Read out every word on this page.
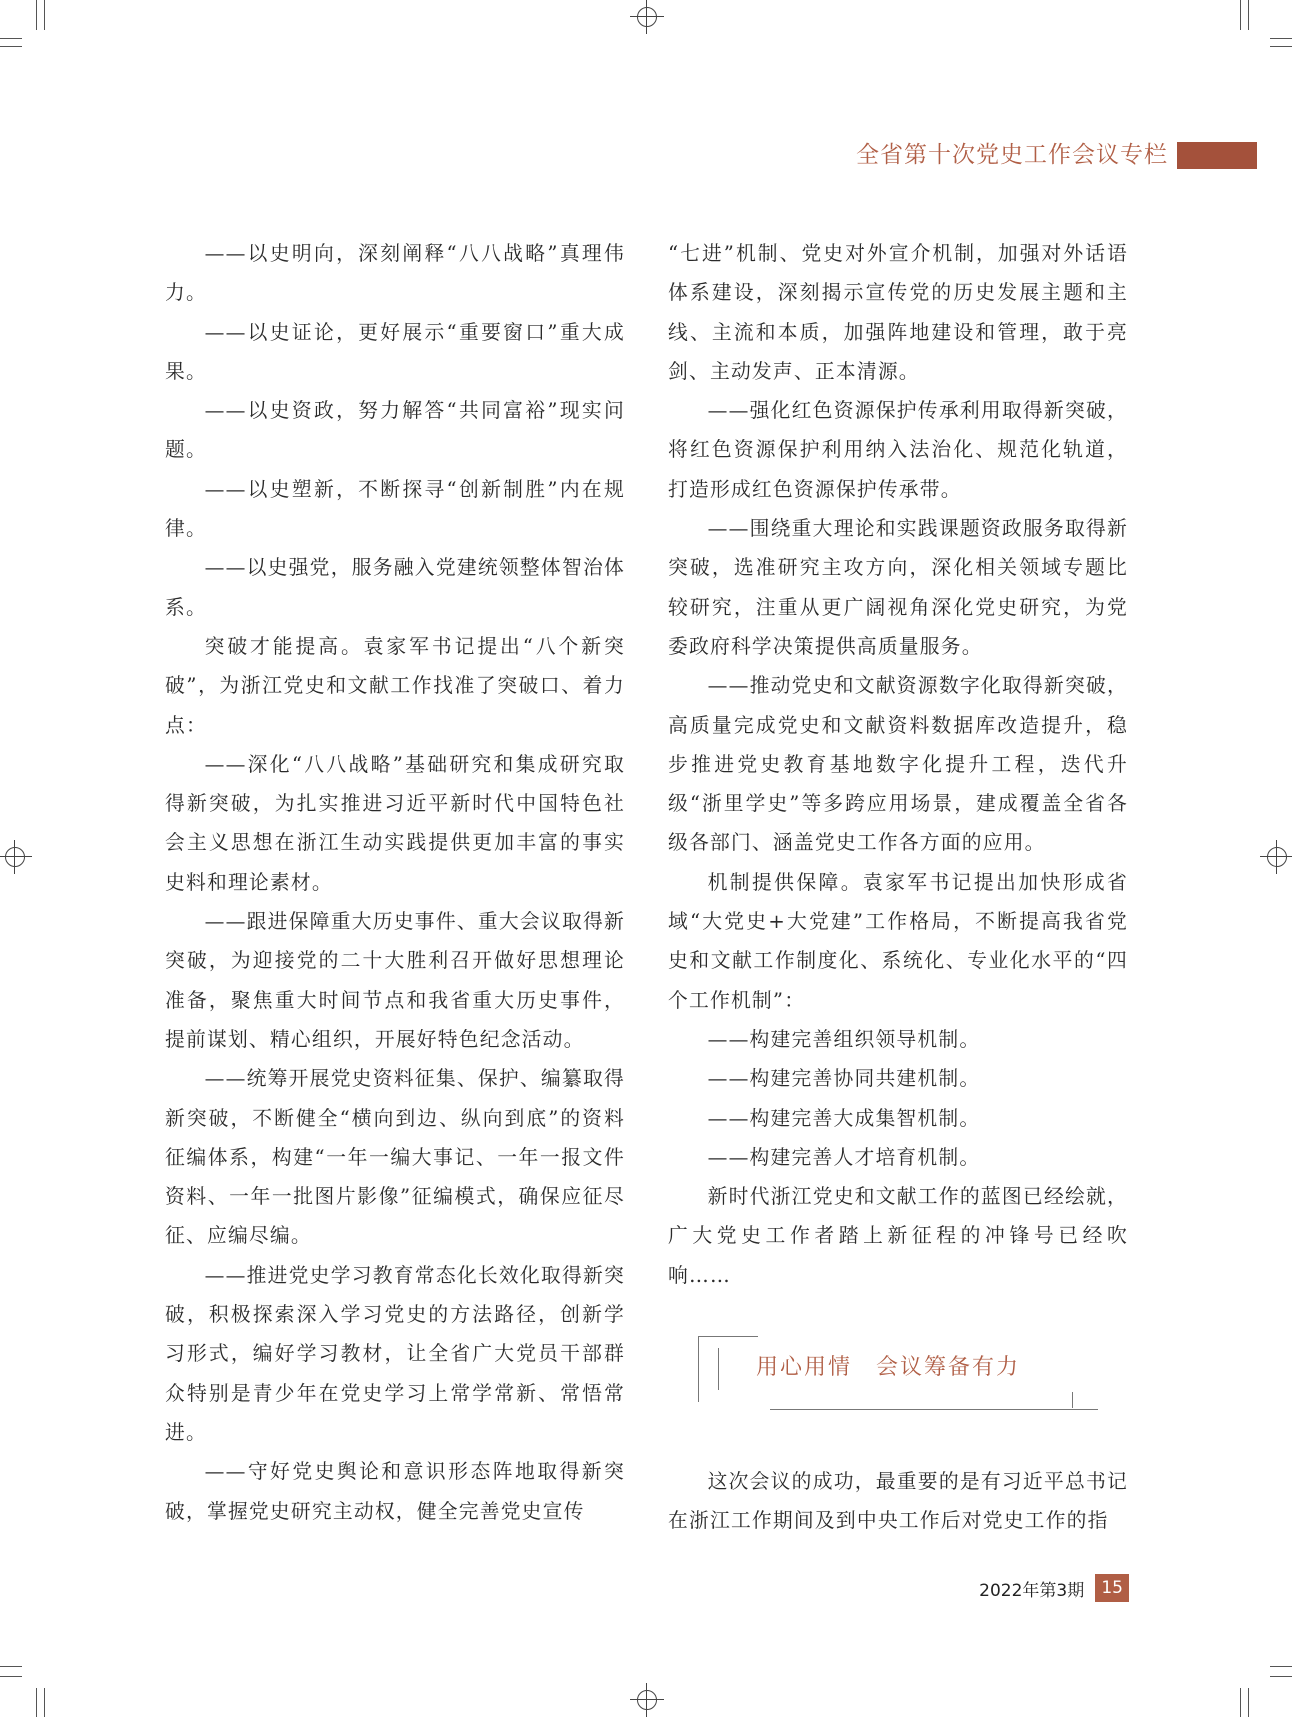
全省第十次党史工作会议专栏

——以史明向，深刻阐释“八八战略”真理伟力。

——以史证论，更好展示“重要窗口”重大成果。

——以史资政，努力解答“共同富裕”现实问题。

——以史塑新，不断探寻“创新制胜”内在规律。

——以史强党，服务融入党建统领整体智治体系。

突破才能提高。袁家军书记提出“八个新突破”，为浙江党史和文献工作找准了突破口、着力点：

——深化“八八战略”基础研究和集成研究取得新突破，为扎实推进习近平新时代中国特色社会主义思想在浙江生动实践提供更加丰富的事实史料和理论素材。

——跟进保障重大历史事件、重大会议取得新突破，为迎接党的二十大胜利召开做好思想理论准备，聚焦重大时间节点和我省重大历史事件，提前谋划、精心组织，开展好特色纪念活动。

——统筹开展党史资料征集、保护、编纂取得新突破，不断健全“横向到边、纵向到底”的资料征编体系，构建“一年一编大事记、一年一报文件资料、一年一批图片影像”征编模式，确保应征尽征、应编尽编。

——推进党史学习教育常态化长效化取得新突破，积极探索深入学习党史的方法路径，创新学习形式，编好学习教材，让全省广大党员干部群众特别是青少年在党史学习上常学常新、常悟常进。

——守好党史舆论和意识形态阵地取得新突破，掌握党史研究主动权，健全完善党史宣传

“七进”机制、党史对外宣介机制，加强对外话语体系建设，深刻揭示宣传党的历史发展主题和主线、主流和本质，加强阵地建设和管理，敢于亮剑、主动发声、正本清源。

——强化红色资源保护传承利用取得新突破，将红色资源保护利用纳入法治化、规范化轨道，打造形成红色资源保护传承带。

——围绕重大理论和实践课题资政服务取得新突破，选准研究主攻方向，深化相关领域专题比较研究，注重从更广阔视角深化党史研究，为党委政府科学决策提供高质量服务。

——推动党史和文献资源数字化取得新突破，高质量完成党史和文献资料数据库改造提升，稳步推进党史教育基地数字化提升工程，迭代升级“浙里学史”等多跨应用场景，建成覆盖全省各级各部门、涵盖党史工作各方面的应用。

机制提供保障。袁家军书记提出加快形成省域“大党史+大党建”工作格局，不断提高我省党史和文献工作制度化、系统化、专业化水平的“四个工作机制”：

——构建完善组织领导机制。

——构建完善协同共建机制。

——构建完善大成集智机制。

——构建完善人才培育机制。

新时代浙江党史和文献工作的蓝图已经绘就，广大党史工作者踏上新征程的冲锋号已经吹响……

用心用情　会议筹备有力

这次会议的成功，最重要的是有习近平总书记在浙江工作期间及到中央工作后对党史工作的指

2022年第3期 15
